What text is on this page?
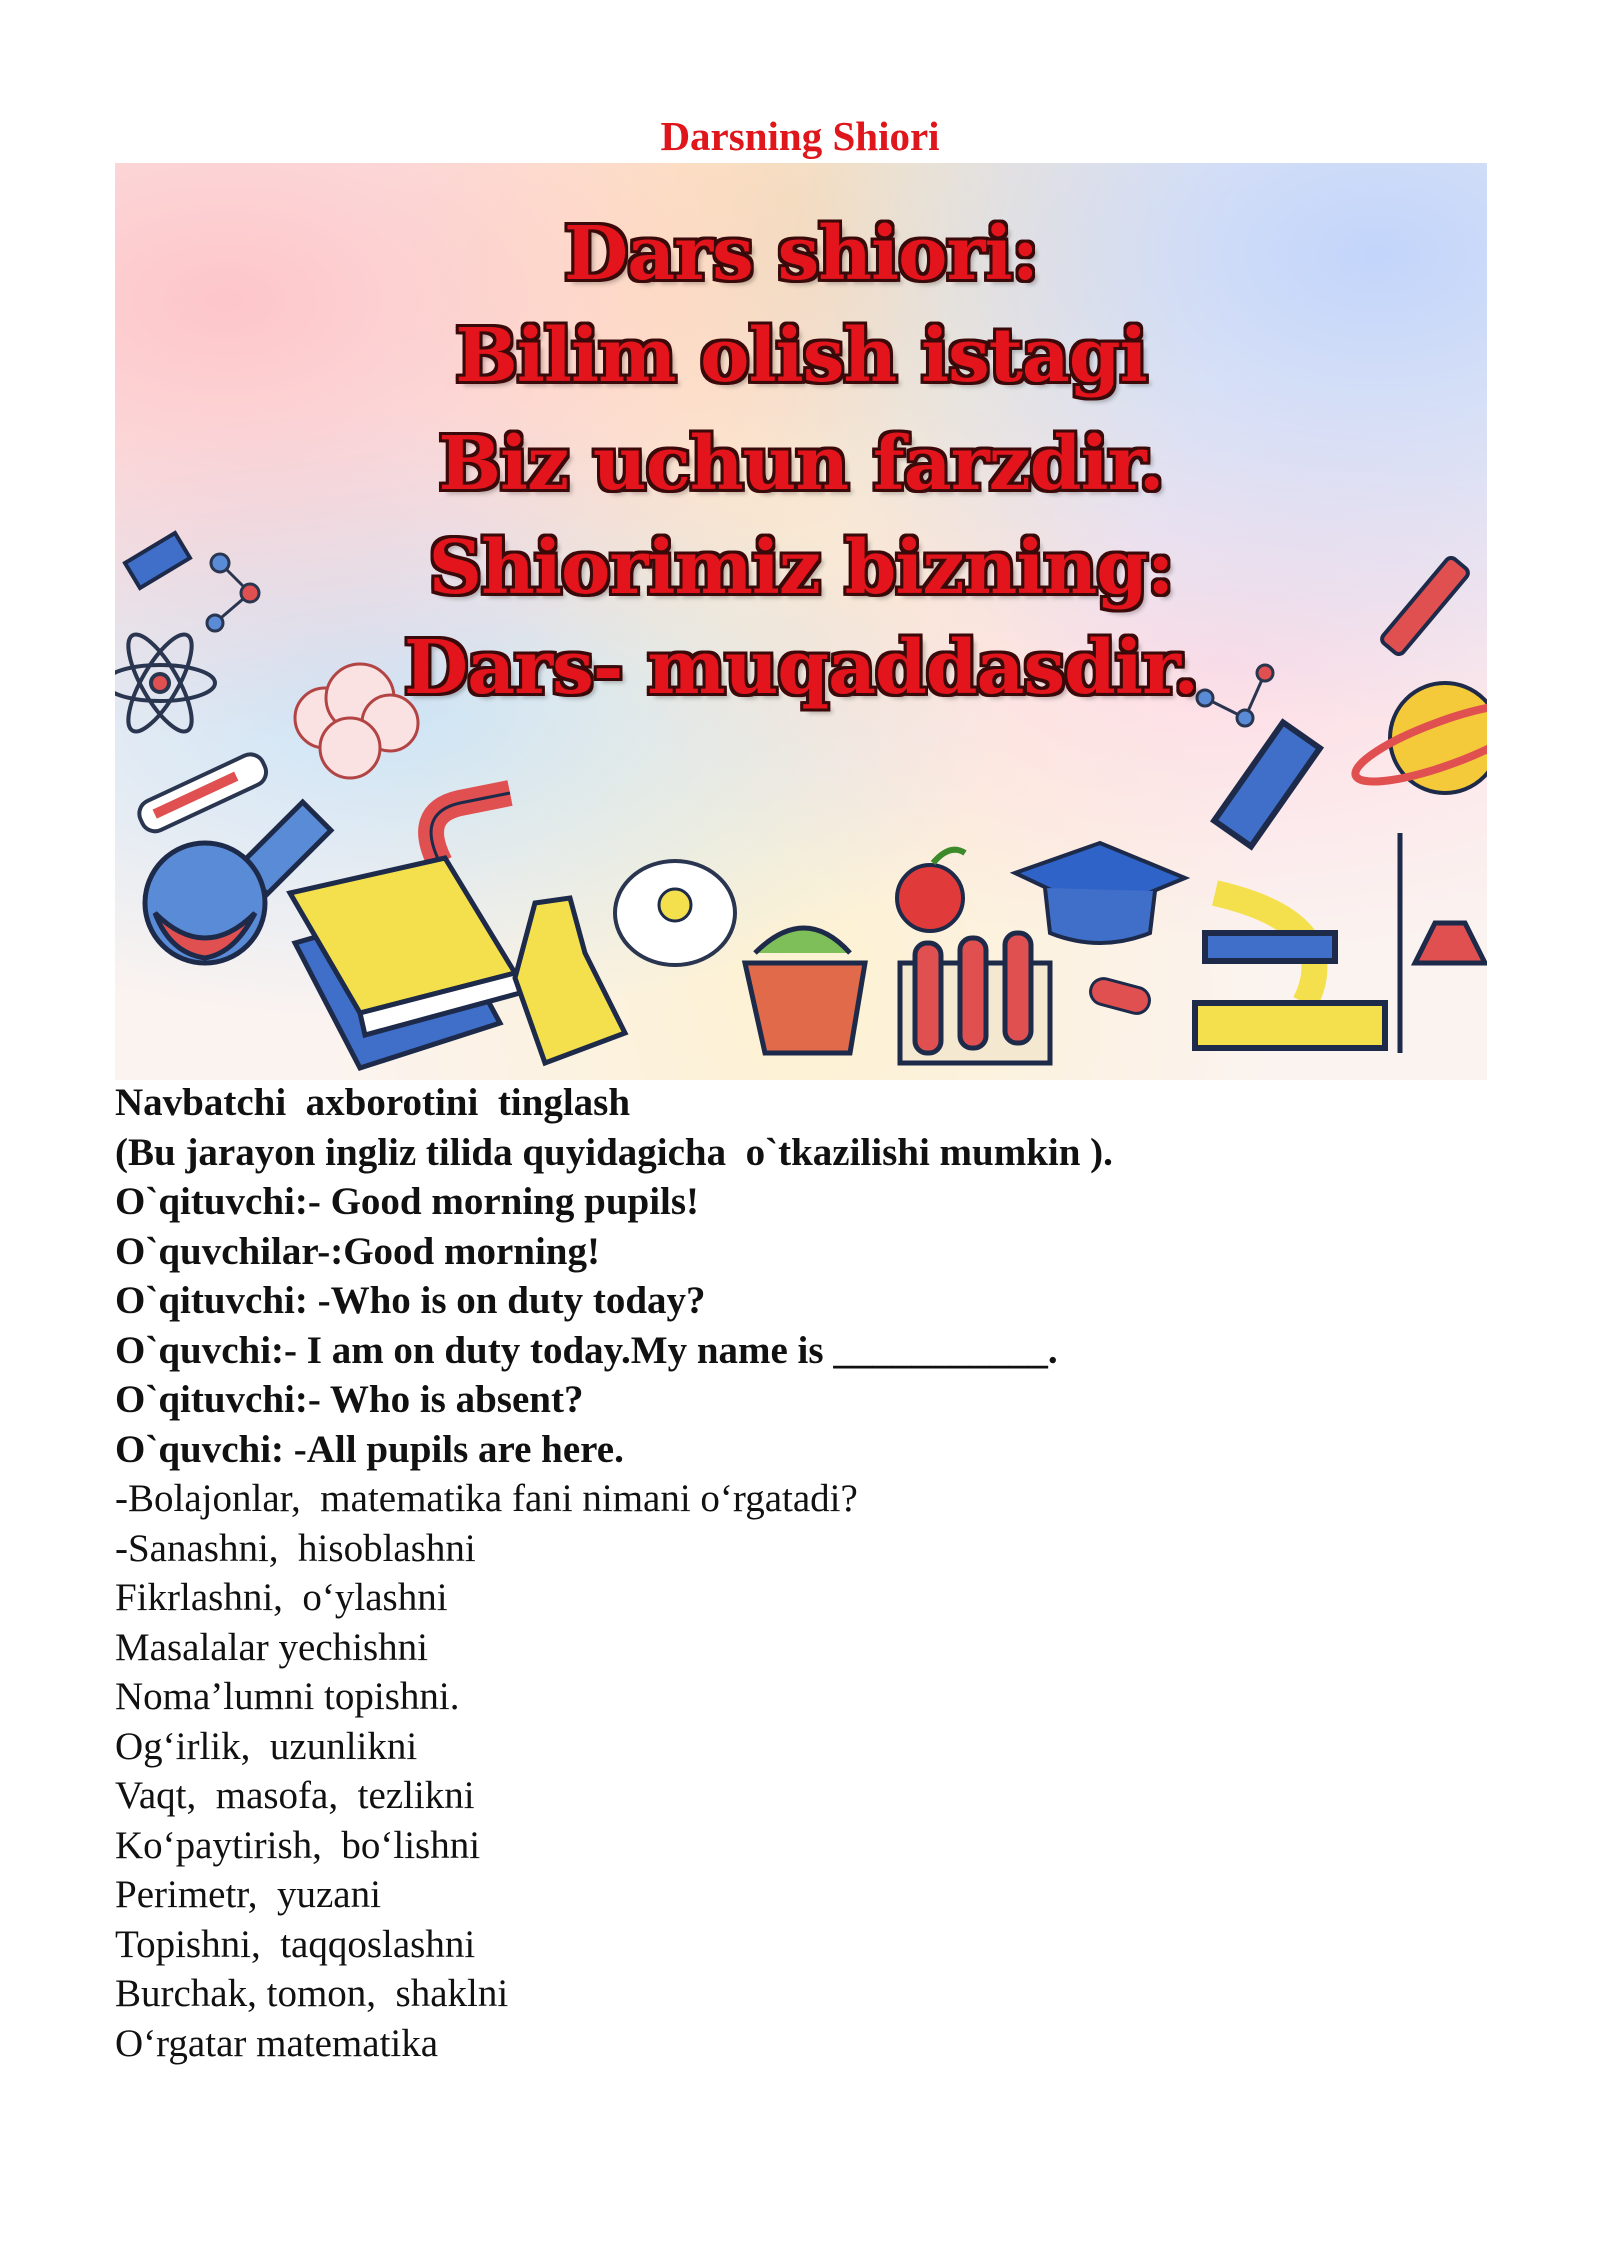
Darsning Shiori
Dars shiori:
Bilim olish istagi
Biz uchun farzdir.
Shiorimiz bizning:
Dars- muqaddasdir.
Navbatchi  axborotini  tinglash
(Bu jarayon ingliz tilida quyidagicha  o`tkazilishi mumkin ).
O`qituvchi:- Good morning pupils!
O`quvchilar-:Good morning!
O`qituvchi: -Who is on duty today?
O`quvchi:- I am on duty today.My name is ___________.
O`qituvchi:- Who is absent?
O`quvchi: -All pupils are here.
-Bolajonlar,  matematika fani nimani o‘rgatadi?
-Sanashni,  hisoblashni
Fikrlashni,  o‘ylashni
Masalalar yechishni
Noma’lumni topishni.
Og‘irlik,  uzunlikni
Vaqt,  masofa,  tezlikni
Ko‘paytirish,  bo‘lishni
Perimetr,  yuzani
Topishni,  taqqoslashni
Burchak, tomon,  shaklni
O‘rgatar matematika
